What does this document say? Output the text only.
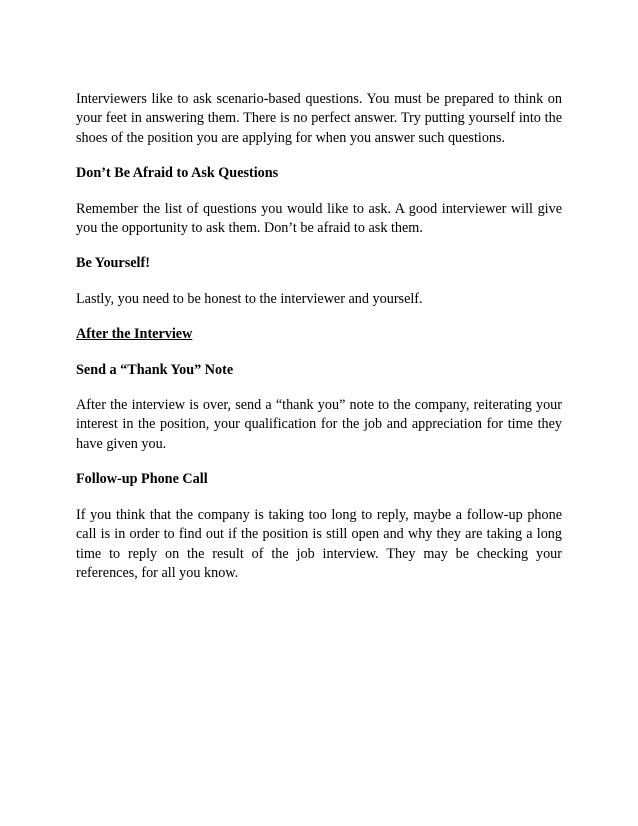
Interviewers like to ask scenario-based questions. You must be prepared to think on your feet in answering them. There is no perfect answer. Try putting yourself into the shoes of the position you are applying for when you answer such questions.

Don’t Be Afraid to Ask Questions

Remember the list of questions you would like to ask. A good interviewer will give you the opportunity to ask them. Don’t be afraid to ask them.

Be Yourself!

Lastly, you need to be honest to the interviewer and yourself.

After the Interview

Send a “Thank You” Note

After the interview is over, send a “thank you” note to the company, reiterating your interest in the position, your qualification for the job and appreciation for time they have given you.

Follow-up Phone Call

If you think that the company is taking too long to reply, maybe a follow-up phone call is in order to find out if the position is still open and why they are taking a long time to reply on the result of the job interview. They may be checking your references, for all you know.
